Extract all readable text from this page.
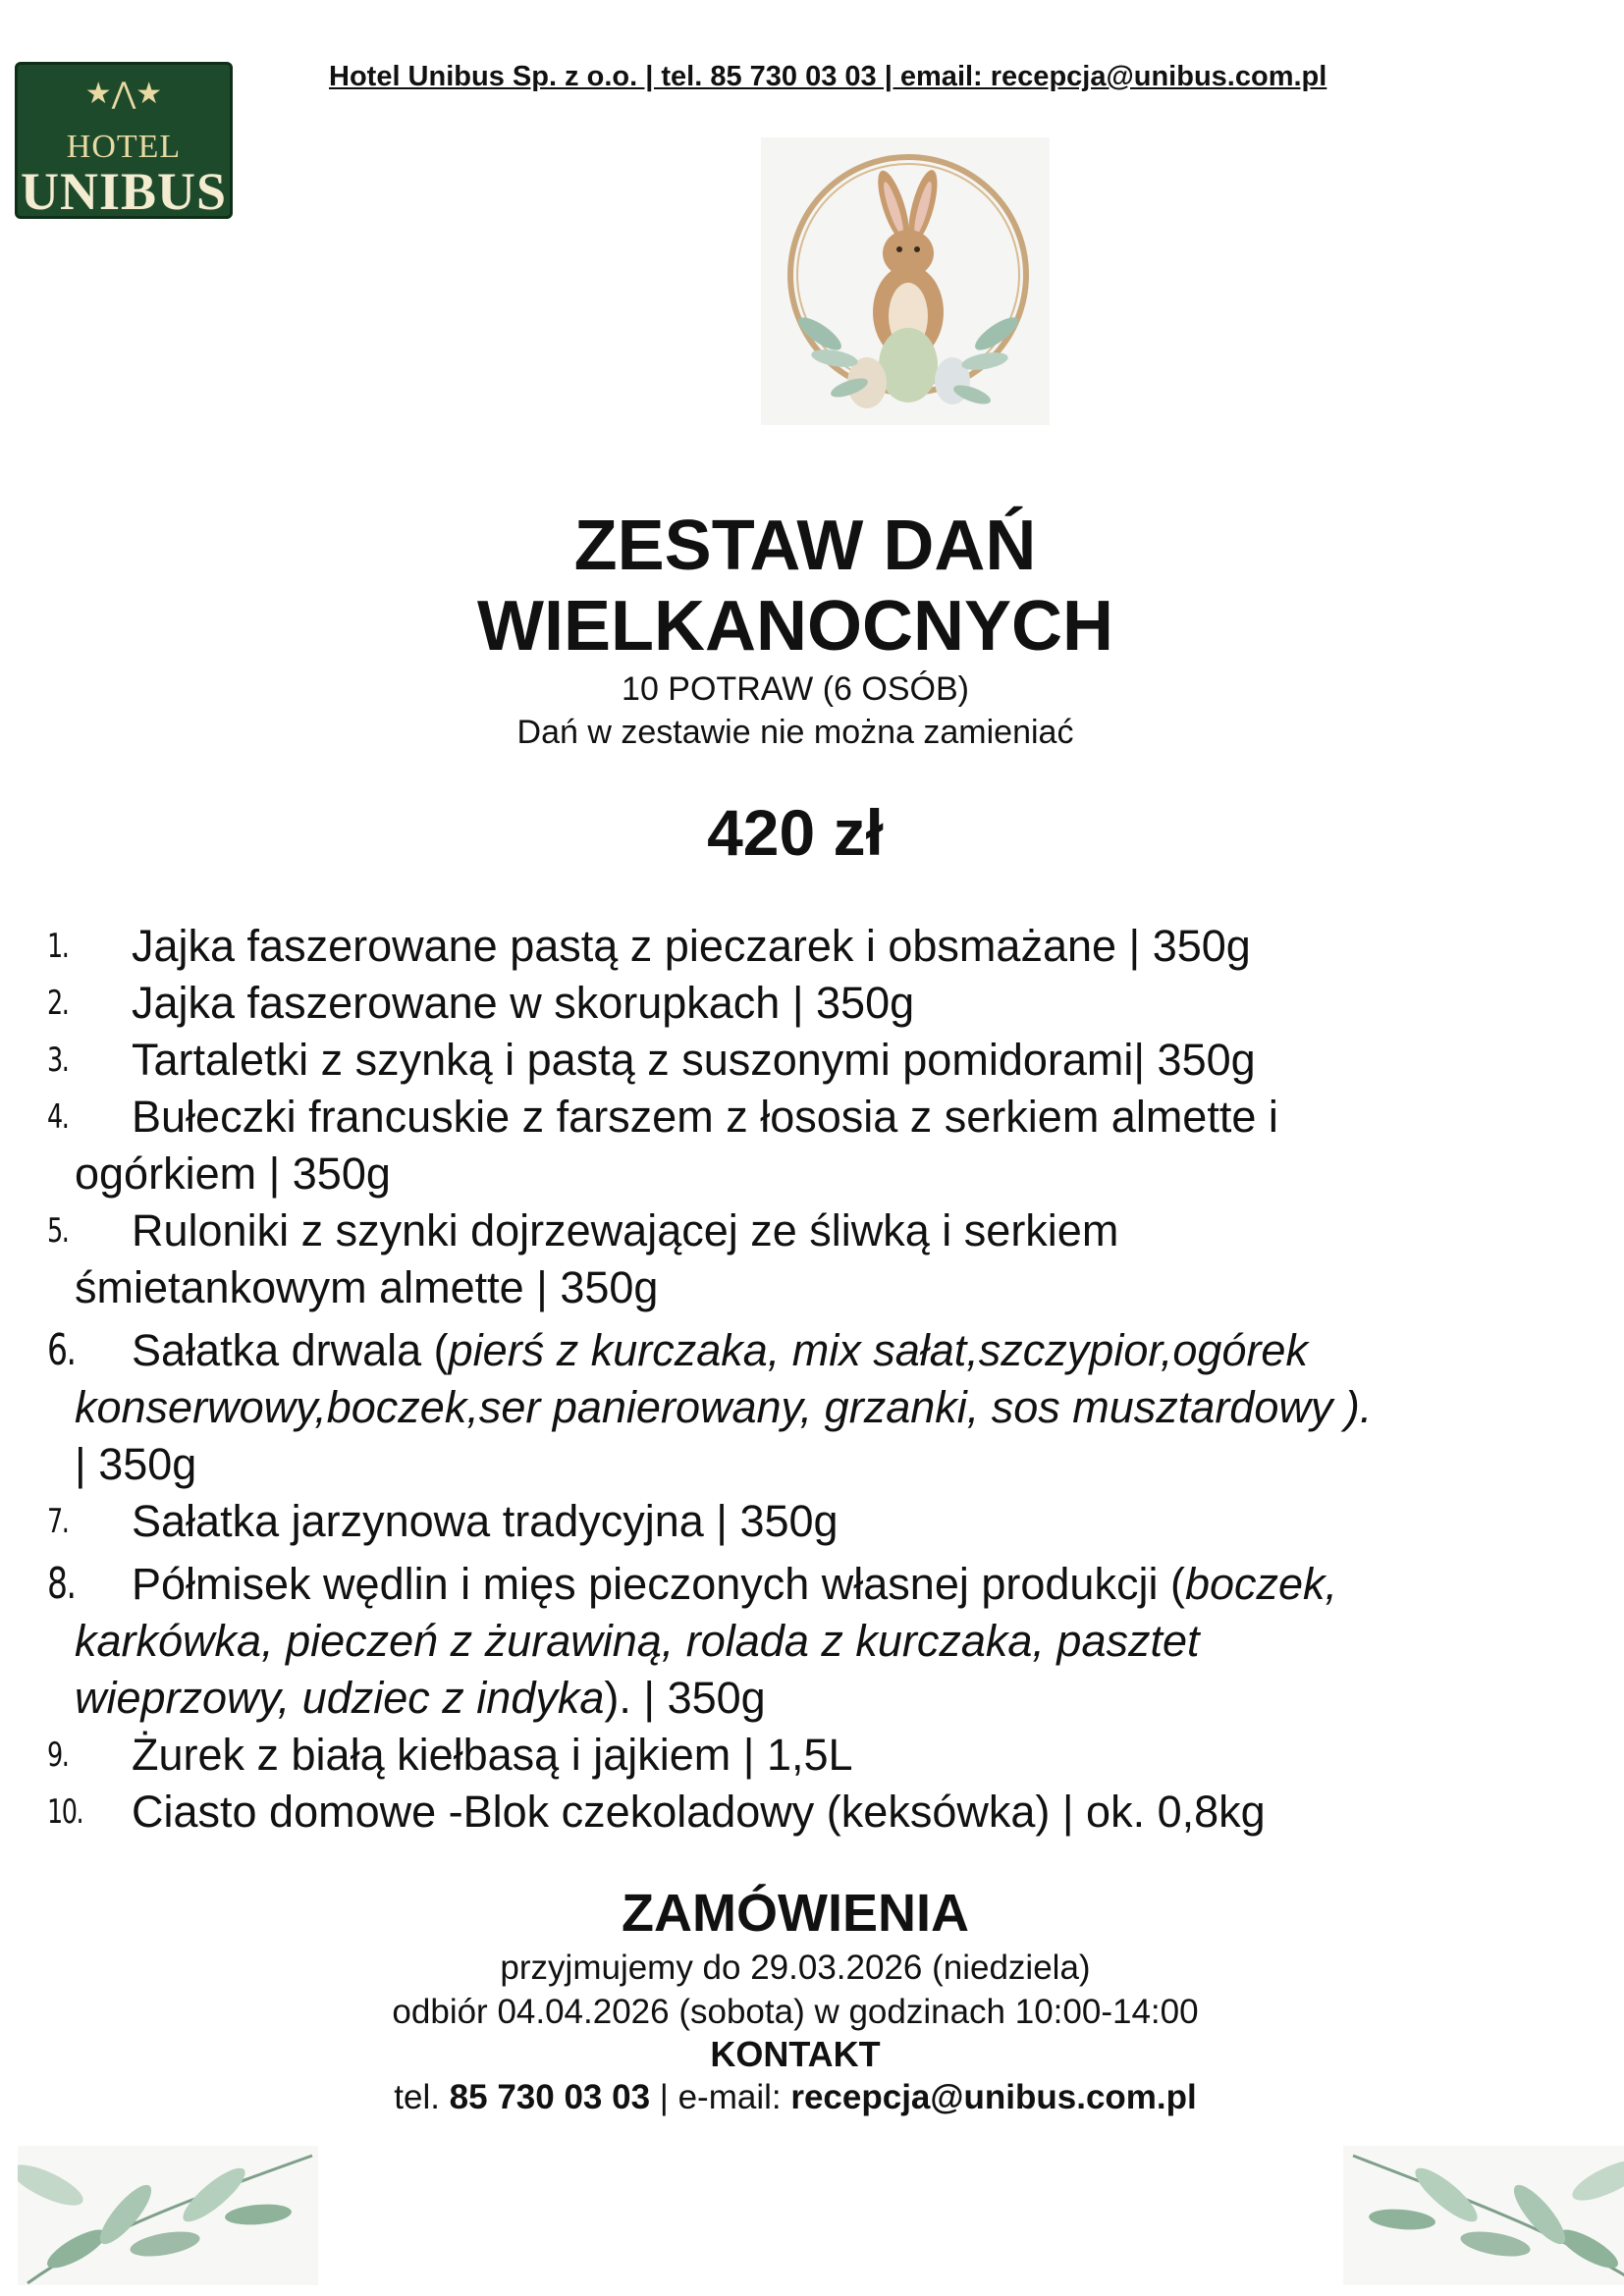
★⋀★
HOTEL
UNIBUS
Hotel Unibus Sp. z o.o. | tel. 85 730 03 03 | email: recepcja@unibus.com.pl
ZESTAW DAŃ
WIELKANOCNYCH
10 POTRAW (6 OSÓB)
Dań w zestawie nie można zamieniać
420 zł
1.	Jajka faszerowane pastą z pieczarek i obsmażane | 350g
2.	Jajka faszerowane w skorupkach | 350g
3.	Tartaletki z szynką i pastą z suszonymi pomidorami| 350g
4.	Bułeczki francuskie z farszem z łososia z serkiem almette i
ogórkiem | 350g
5.	Ruloniki z szynki dojrzewającej ze śliwką i serkiem
śmietankowym almette | 350g
6.	Sałatka drwala (pierś z kurczaka, mix sałat,szczypior,ogórek
konserwowy,boczek,ser panierowany, grzanki, sos musztardowy ).
| 350g
7.	Sałatka jarzynowa tradycyjna | 350g
8.	Półmisek wędlin i mięs pieczonych własnej produkcji (boczek,
karkówka, pieczeń z żurawiną, rolada z kurczaka, pasztet
wieprzowy, udziec z indyka). | 350g
9.	Żurek z białą kiełbasą i jajkiem | 1,5L
10.	Ciasto domowe -Blok czekoladowy (keksówka) | ok. 0,8kg
ZAMÓWIENIA
przyjmujemy do 29.03.2026 (niedziela)
odbiór 04.04.2026 (sobota) w godzinach 10:00-14:00
KONTAKT
tel. 85 730 03 03 | e-mail: recepcja@unibus.com.pl
